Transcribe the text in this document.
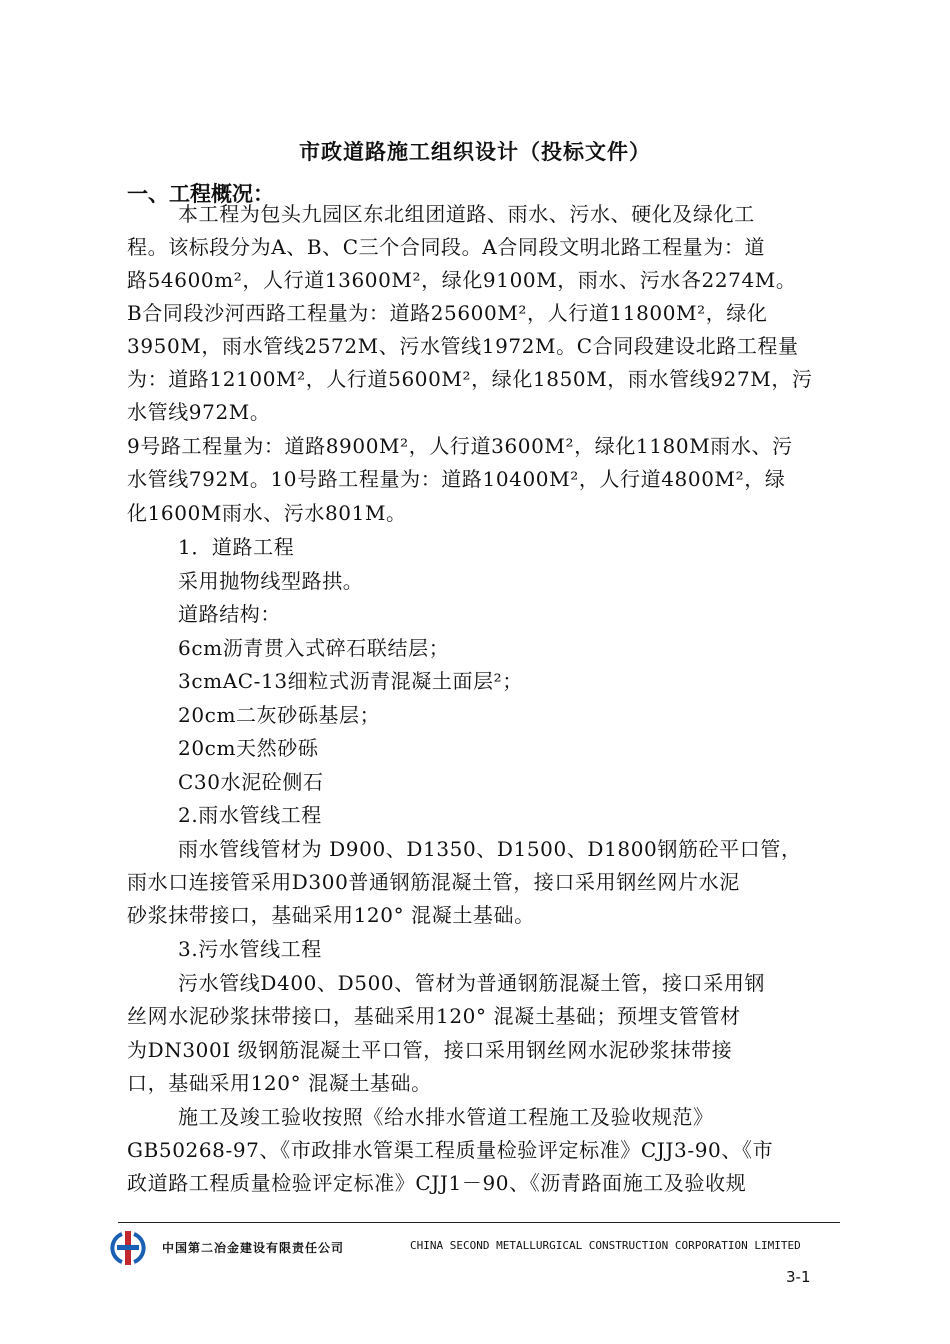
市政道路施工组织设计（投标文件）
一、工程概况：
本工程为包头九园区东北组团道路、雨水、污水、硬化及绿化工
程。该标段分为A、B、C三个合同段。A合同段文明北路工程量为：道
路54600m²，人行道13600M²，绿化9100M，雨水、污水各2274M。
B合同段沙河西路工程量为：道路25600M²，人行道11800M²，绿化
3950M，雨水管线2572M、污水管线1972M。C合同段建设北路工程量
为：道路12100M²，人行道5600M²，绿化1850M，雨水管线927M，污
水管线972M。
9号路工程量为：道路8900M²，人行道3600M²，绿化1180M雨水、污
水管线792M。10号路工程量为：道路10400M²，人行道4800M²，绿
化1600M雨水、污水801M。
1．道路工程
采用抛物线型路拱。
道路结构：
6cm沥青贯入式碎石联结层；
3cmAC-13细粒式沥青混凝土面层²；
20cm二灰砂砾基层；
20cm天然砂砾
C30水泥砼侧石
2.雨水管线工程
雨水管线管材为 D900、D1350、D1500、D1800钢筋砼平口管，
雨水口连接管采用D300普通钢筋混凝土管，接口采用钢丝网片水泥
砂浆抹带接口，基础采用120° 混凝土基础。
3.污水管线工程
污水管线D400、D500、管材为普通钢筋混凝土管，接口采用钢
丝网水泥砂浆抹带接口，基础采用120° 混凝土基础；预埋支管管材
为DN300Ⅰ 级钢筋混凝土平口管，接口采用钢丝网水泥砂浆抹带接
口，基础采用120° 混凝土基础。
施工及竣工验收按照《给水排水管道工程施工及验收规范》
GB50268-97、《市政排水管渠工程质量检验评定标准》CJJ3-90、《市
政道路工程质量检验评定标准》CJJ1－90、《沥青路面施工及验收规
中国第二冶金建设有限责任公司	CHINA SECOND METALLURGICAL CONSTRUCTION CORPORATION LIMITED
3-1
